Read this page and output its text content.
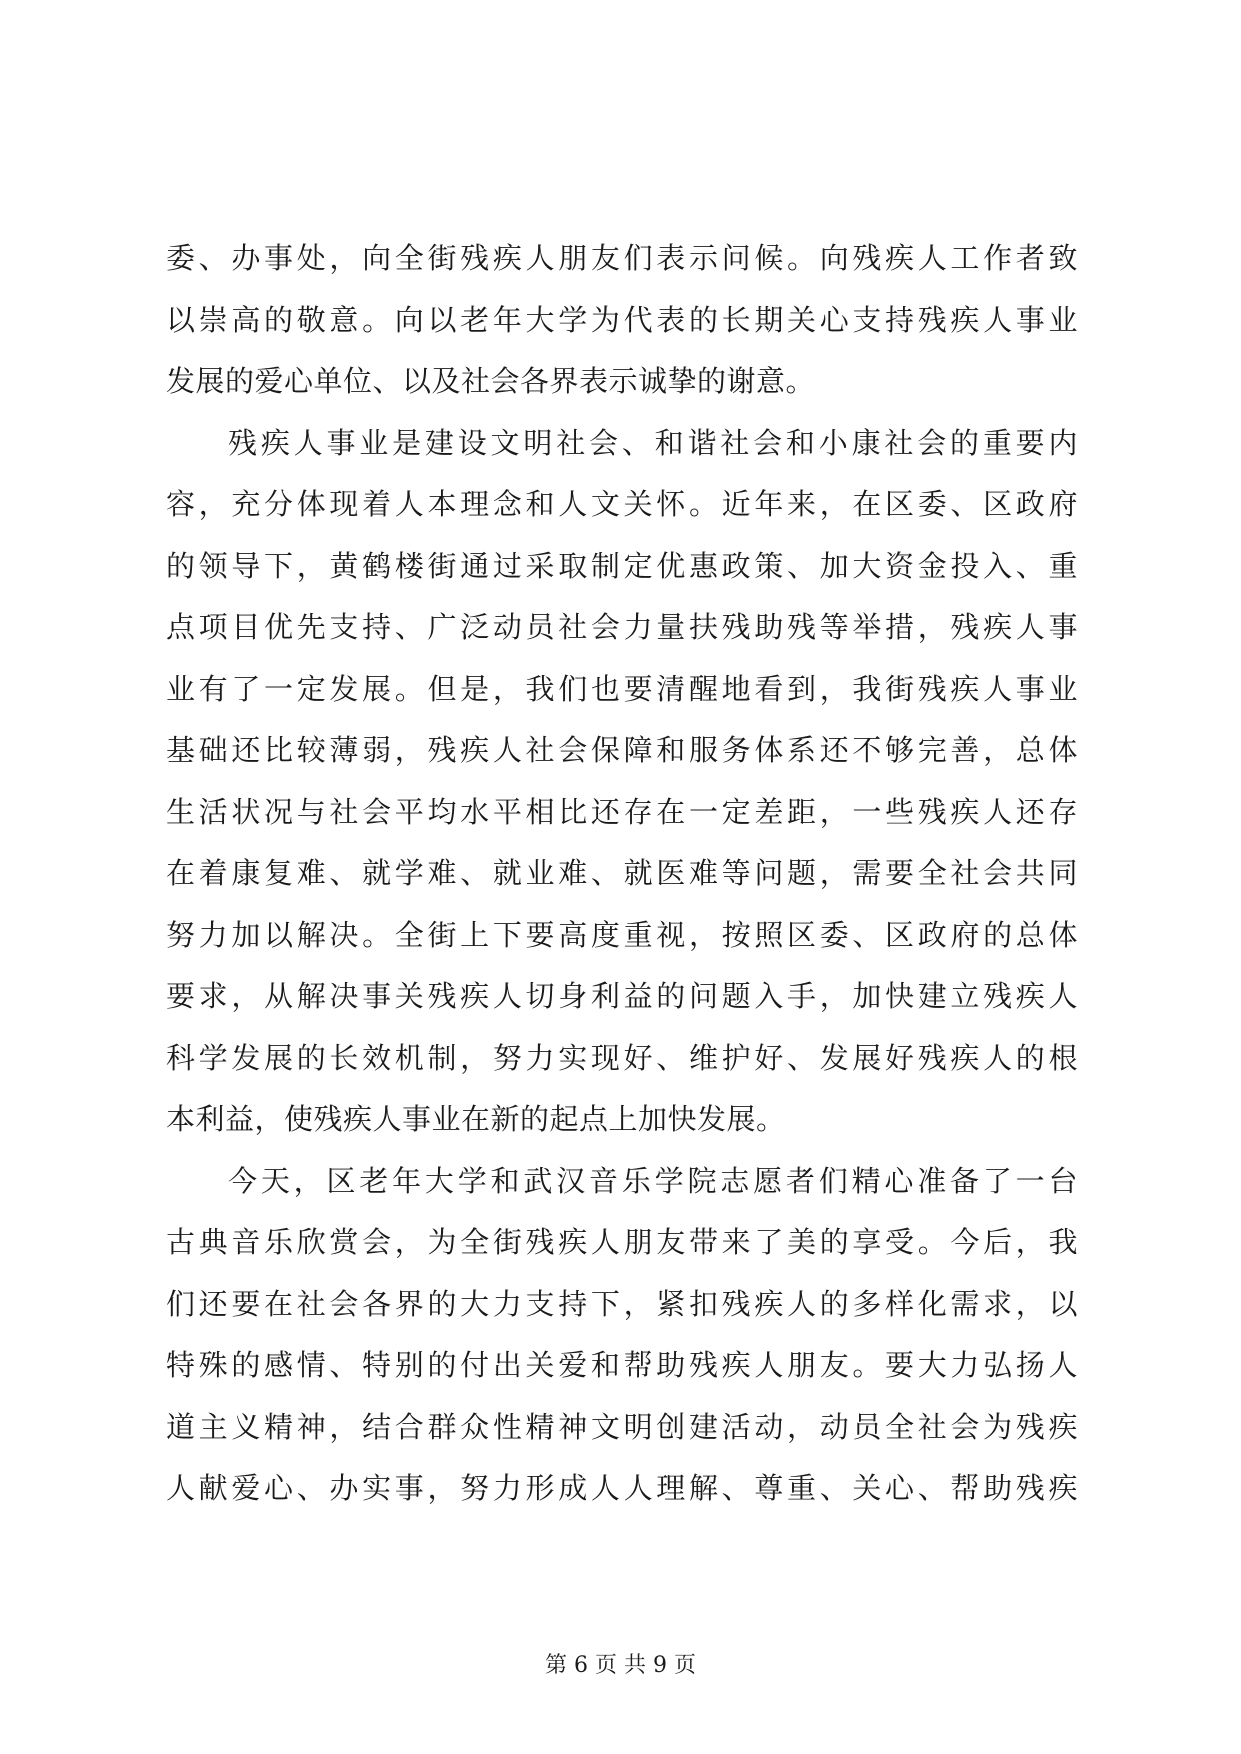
委、办事处，向全街残疾人朋友们表示问候。向残疾人工作者致
以崇高的敬意。向以老年大学为代表的长期关心支持残疾人事业
发展的爱心单位、以及社会各界表示诚挚的谢意。
残疾人事业是建设文明社会、和谐社会和小康社会的重要内
容，充分体现着人本理念和人文关怀。近年来，在区委、区政府
的领导下，黄鹤楼街通过采取制定优惠政策、加大资金投入、重
点项目优先支持、广泛动员社会力量扶残助残等举措，残疾人事
业有了一定发展。但是，我们也要清醒地看到，我街残疾人事业
基础还比较薄弱，残疾人社会保障和服务体系还不够完善，总体
生活状况与社会平均水平相比还存在一定差距，一些残疾人还存
在着康复难、就学难、就业难、就医难等问题，需要全社会共同
努力加以解决。全街上下要高度重视，按照区委、区政府的总体
要求，从解决事关残疾人切身利益的问题入手，加快建立残疾人
科学发展的长效机制，努力实现好、维护好、发展好残疾人的根
本利益，使残疾人事业在新的起点上加快发展。
今天，区老年大学和武汉音乐学院志愿者们精心准备了一台
古典音乐欣赏会，为全街残疾人朋友带来了美的享受。今后，我
们还要在社会各界的大力支持下，紧扣残疾人的多样化需求，以
特殊的感情、特别的付出关爱和帮助残疾人朋友。要大力弘扬人
道主义精神，结合群众性精神文明创建活动，动员全社会为残疾
人献爱心、办实事，努力形成人人理解、尊重、关心、帮助残疾
第 6 页 共 9 页
